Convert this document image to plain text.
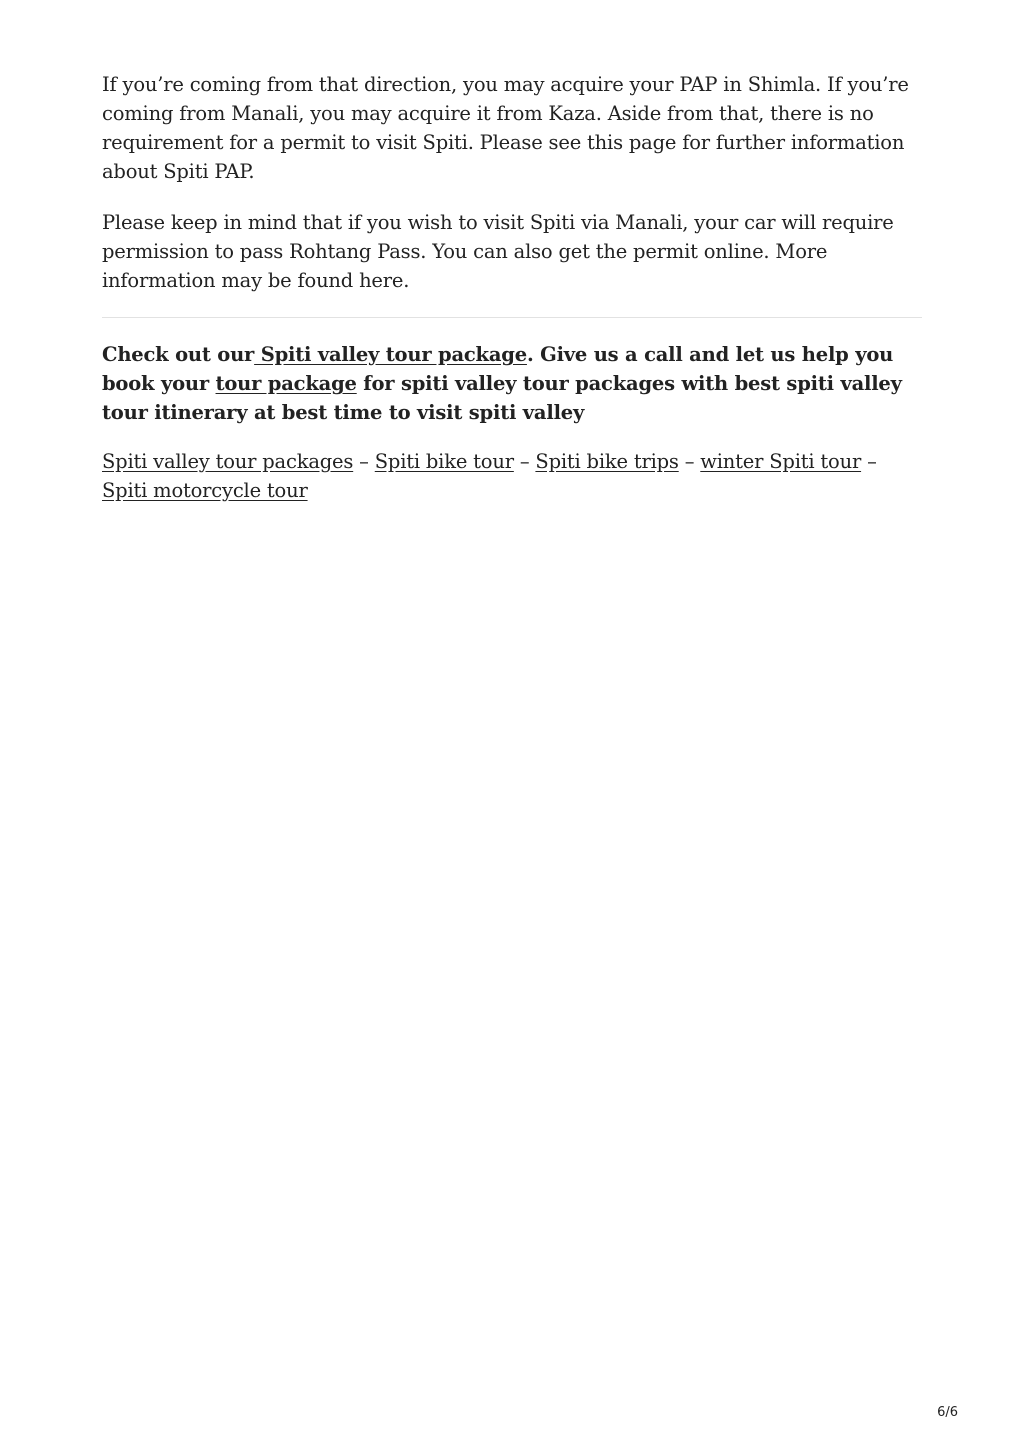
If you’re coming from that direction, you may acquire your PAP in Shimla. If you’re coming from Manali, you may acquire it from Kaza. Aside from that, there is no requirement for a permit to visit Spiti. Please see this page for further information about Spiti PAP.

Please keep in mind that if you wish to visit Spiti via Manali, your car will require permission to pass Rohtang Pass. You can also get the permit online. More information may be found here.

Check out our Spiti valley tour package. Give us a call and let us help you book your tour package for spiti valley tour packages with best spiti valley tour itinerary at best time to visit spiti valley

Spiti valley tour packages – Spiti bike tour – Spiti bike trips – winter Spiti tour – Spiti motorcycle tour

6/6
